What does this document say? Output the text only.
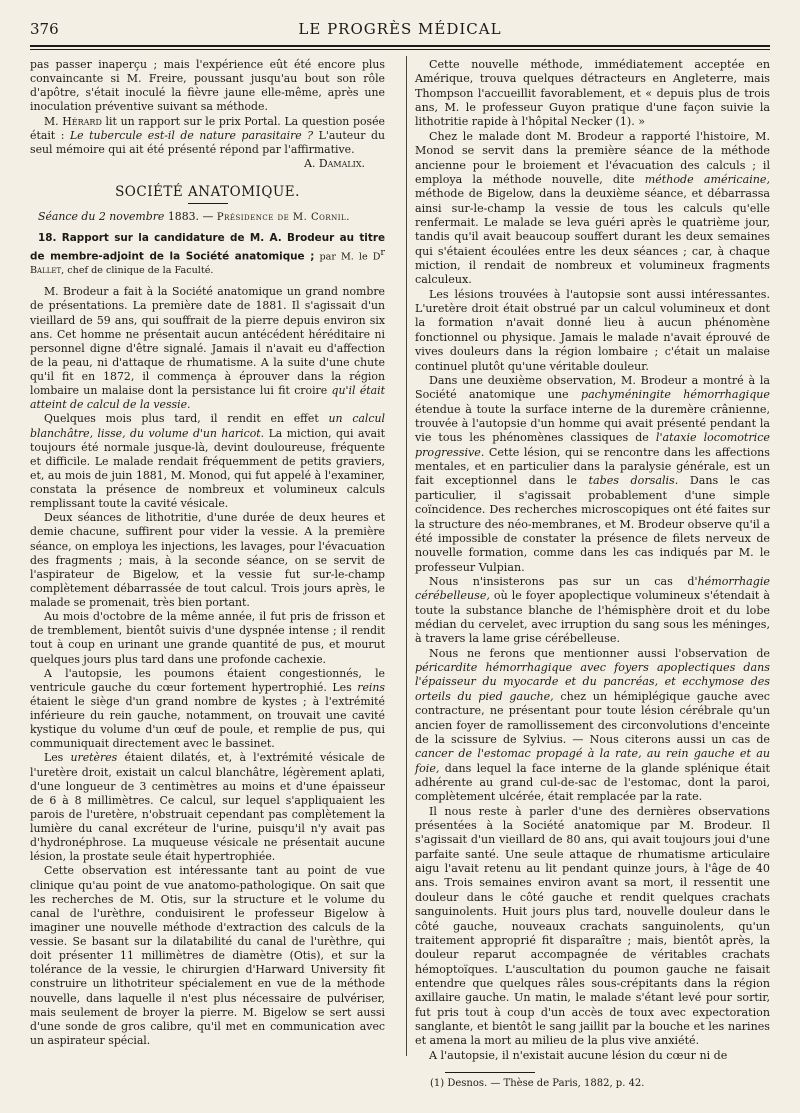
376	LE PROGRÈS MÉDICAL

pas passer inaperçu ; mais l'expérience eût été encore plus convaincante si M. Freire, poussant jusqu'au bout son rôle d'apôtre, s'était inoculé la fièvre jaune elle-même, après une inoculation préventive suivant sa méthode.

M. Hérard lit un rapport sur le prix Portal. La question posée était : Le tubercule est-il de nature parasitaire ? L'auteur du seul mémoire qui ait été présenté répond par l'affirmative.

A. Damalix.

SOCIÉTÉ ANATOMIQUE.

Séance du 2 novembre 1883. — Présidence de M. Cornil.

18. Rapport sur la candidature de M. A. Brodeur au titre de membre-adjoint de la Société anatomique ; par M. le $D^r$ Ballet, chef de clinique de la Faculté.

M. Brodeur a fait à la Société anatomique un grand nombre de présentations. La première date de 1881. Il s'agissait d'un vieillard de 59 ans, qui souffrait de la pierre depuis environ six ans. Cet homme ne présentait aucun antécédent héréditaire ni personnel digne d'être signalé. Jamais il n'avait eu d'affection de la peau, ni d'attaque de rhumatisme. A la suite d'une chute qu'il fit en 1872, il commença à éprouver dans la région lombaire un malaise dont la persistance lui fit croire qu'il était atteint de calcul de la vessie.

Quelques mois plus tard, il rendit en effet un calcul blanchâtre, lisse, du volume d'un haricot. La miction, qui avait toujours été normale jusque-là, devint douloureuse, fréquente et difficile. Le malade rendait fréquemment de petits graviers, et, au mois de juin 1881, M. Monod, qui fut appelé à l'examiner, constata la présence de nombreux et volumineux calculs remplissant toute la cavité vésicale.

Deux séances de lithotritie, d'une durée de deux heures et demie chacune, suffirent pour vider la vessie. A la première séance, on employa les injections, les lavages, pour l'évacuation des fragments ; mais, à la seconde séance, on se servit de l'aspirateur de Bigelow, et la vessie fut sur-le-champ complètement débarrassée de tout calcul. Trois jours après, le malade se promenait, très bien portant.

Au mois d'octobre de la même année, il fut pris de frisson et de tremblement, bientôt suivis d'une dyspnée intense ; il rendit tout à coup en urinant une grande quantité de pus, et mourut quelques jours plus tard dans une profonde cachexie.

A l'autopsie, les poumons étaient congestionnés, le ventricule gauche du cœur fortement hypertrophié. Les reins étaient le siège d'un grand nombre de kystes ; à l'extrémité inférieure du rein gauche, notamment, on trouvait une cavité kystique du volume d'un œuf de poule, et remplie de pus, qui communiquait directement avec le bassinet.

Les uretères étaient dilatés, et, à l'extrémité vésicale de l'uretère droit, existait un calcul blanchâtre, légèrement aplati, d'une longueur de 3 centimètres au moins et d'une épaisseur de 6 à 8 millimètres. Ce calcul, sur lequel s'appliquaient les parois de l'uretère, n'obstruait cependant pas complètement la lumière du canal excréteur de l'urine, puisqu'il n'y avait pas d'hydronéphrose. La muqueuse vésicale ne présentait aucune lésion, la prostate seule était hypertrophiée.

Cette observation est intéressante tant au point de vue clinique qu'au point de vue anatomo-pathologique. On sait que les recherches de M. Otis, sur la structure et le volume du canal de l'urèthre, conduisirent le professeur Bigelow à imaginer une nouvelle méthode d'extraction des calculs de la vessie. Se basant sur la dilatabilité du canal de l'urèthre, qui doit présenter 11 millimètres de diamètre (Otis), et sur la tolérance de la vessie, le chirurgien d'Harward University fit construire un lithotriteur spécialement en vue de la méthode nouvelle, dans laquelle il n'est plus nécessaire de pulvériser, mais seulement de broyer la pierre. M. Bigelow se sert aussi d'une sonde de gros calibre, qu'il met en communication avec un aspirateur spécial.

Cette nouvelle méthode, immédiatement acceptée en Amérique, trouva quelques détracteurs en Angleterre, mais Thompson l'accueillit favorablement, et « depuis plus de trois ans, M. le professeur Guyon pratique d'une façon suivie la lithotritie rapide à l'hôpital Necker (1). »

Chez le malade dont M. Brodeur a rapporté l'histoire, M. Monod se servit dans la première séance de la méthode ancienne pour le broiement et l'évacuation des calculs ; il employa la méthode nouvelle, dite méthode américaine, méthode de Bigelow, dans la deuxième séance, et débarrassa ainsi sur-le-champ la vessie de tous les calculs qu'elle renfermait. Le malade se leva guéri après le quatrième jour, tandis qu'il avait beaucoup souffert durant les deux semaines qui s'étaient écoulées entre les deux séances ; car, à chaque miction, il rendait de nombreux et volumineux fragments calculeux.

Les lésions trouvées à l'autopsie sont aussi intéressantes. L'uretère droit était obstrué par un calcul volumineux et dont la formation n'avait donné lieu à aucun phénomène fonctionnel ou physique. Jamais le malade n'avait éprouvé de vives douleurs dans la région lombaire ; c'était un malaise continuel plutôt qu'une véritable douleur.

Dans une deuxième observation, M. Brodeur a montré à la Société anatomique une pachyméningite hémorrhagique étendue à toute la surface interne de la duremère crânienne, trouvée à l'autopsie d'un homme qui avait présenté pendant la vie tous les phénomènes classiques de l'ataxie locomotrice progressive. Cette lésion, qui se rencontre dans les affections mentales, et en particulier dans la paralysie générale, est un fait exceptionnel dans le tabes dorsalis. Dans le cas particulier, il s'agissait probablement d'une simple coïncidence. Des recherches microscopiques ont été faites sur la structure des néo-membranes, et M. Brodeur observe qu'il a été impossible de constater la présence de filets nerveux de nouvelle formation, comme dans les cas indiqués par M. le professeur Vulpian.

Nous n'insisterons pas sur un cas d'hémorrhagie cérébelleuse, où le foyer apoplectique volumineux s'étendait à toute la substance blanche de l'hémisphère droit et du lobe médian du cervelet, avec irruption du sang sous les méninges, à travers la lame grise cérébelleuse.

Nous ne ferons que mentionner aussi l'observation de péricardite hémorrhagique avec foyers apoplectiques dans l'épaisseur du myocarde et du pancréas, et ecchymose des orteils du pied gauche, chez un hémiplégique gauche avec contracture, ne présentant pour toute lésion cérébrale qu'un ancien foyer de ramollissement des circonvolutions d'enceinte de la scissure de Sylvius. — Nous citerons aussi un cas de cancer de l'estomac propagé à la rate, au rein gauche et au foie, dans lequel la face interne de la glande splénique était adhérente au grand cul-de-sac de l'estomac, dont la paroi, complètement ulcérée, était remplacée par la rate.

Il nous reste à parler d'une des dernières observations présentées à la Société anatomique par M. Brodeur. Il s'agissait d'un vieillard de 80 ans, qui avait toujours joui d'une parfaite santé. Une seule attaque de rhumatisme articulaire aigu l'avait retenu au lit pendant quinze jours, à l'âge de 40 ans. Trois semaines environ avant sa mort, il ressentit une douleur dans le côté gauche et rendit quelques crachats sanguinolents. Huit jours plus tard, nouvelle douleur dans le côté gauche, nouveaux crachats sanguinolents, qu'un traitement approprié fit disparaître ; mais, bientôt après, la douleur reparut accompagnée de véritables crachats hémoptoïques. L'auscultation du poumon gauche ne faisait entendre que quelques râles sous-crépitants dans la région axillaire gauche. Un matin, le malade s'étant levé pour sortir, fut pris tout à coup d'un accès de toux avec expectoration sanglante, et bientôt le sang jaillit par la bouche et les narines et amena la mort au milieu de la plus vive anxiété.

A l'autopsie, il n'existait aucune lésion du cœur ni de

(1) Desnos. — Thèse de Paris, 1882, p. 42.
